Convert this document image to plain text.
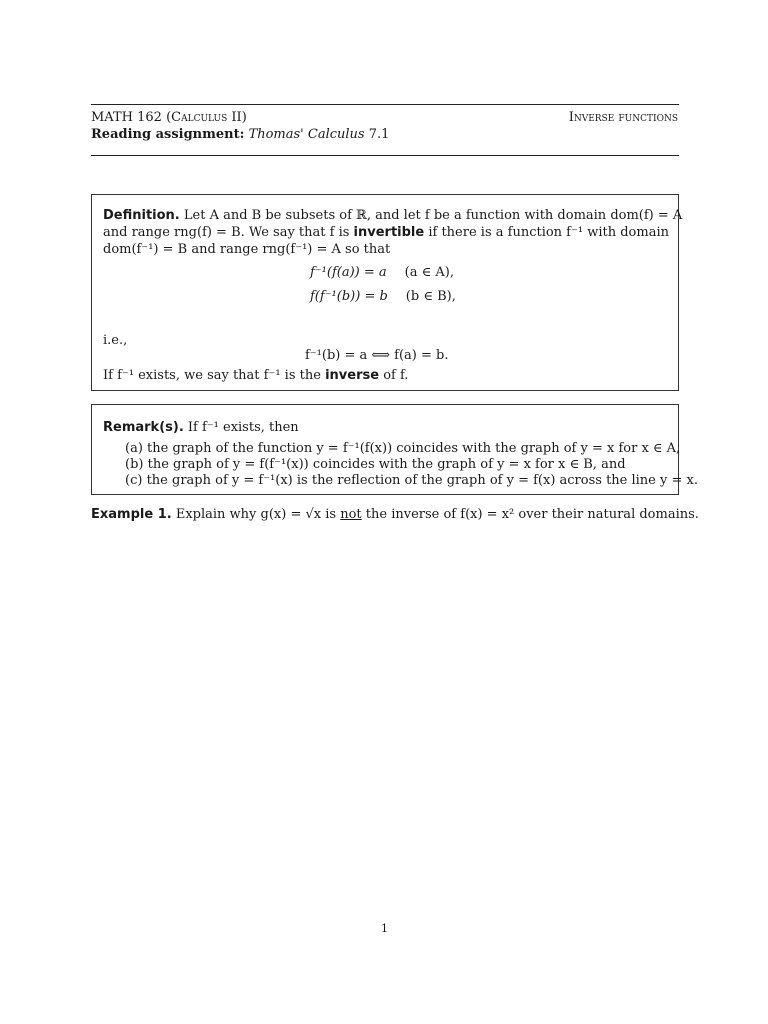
MATH 162 (Calculus II)	Inverse functions
Reading assignment: Thomas' Calculus 7.1
Definition. Let A and B be subsets of ℝ, and let f be a function with domain dom(f) = A
and range rng(f) = B. We say that f is invertible if there is a function f⁻¹ with domain
dom(f⁻¹) = B and range rng(f⁻¹) = A so that
f⁻¹(f(a)) = a (a ∈ A),
f(f⁻¹(b)) = b (b ∈ B),
i.e.,
f⁻¹(b) = a ⟺ f(a) = b.
If f⁻¹ exists, we say that f⁻¹ is the inverse of f.
Remark(s). If f⁻¹ exists, then
(a) the graph of the function y = f⁻¹(f(x)) coincides with the graph of y = x for x ∈ A,
(b) the graph of y = f(f⁻¹(x)) coincides with the graph of y = x for x ∈ B, and
(c) the graph of y = f⁻¹(x) is the reflection of the graph of y = f(x) across the line y = x.
Example 1. Explain why g(x) = √x is not the inverse of f(x) = x² over their natural domains.
1
